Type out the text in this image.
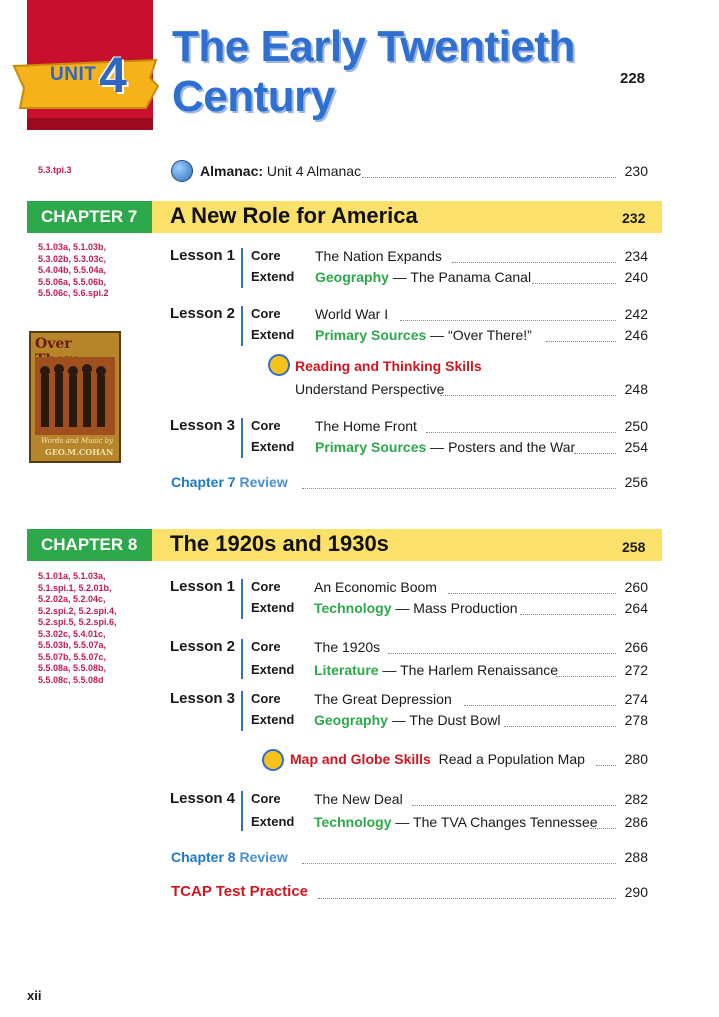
UNIT 4
The Early Twentieth
Century	228
5.3.tpi.3	Almanac: Unit 4 Almanac	230
CHAPTER 7	A New Role for America	232
5.1.03a, 5.1.03b,
5.3.02b, 5.3.03c,
5.4.04b, 5.5.04a,
5.5.06a, 5.5.06b,
5.5.06c, 5.6.spi.2
Over
Words and Music by
GEO.M.COHAN
Lesson 1 Core The Nation Expands	234
Extend Geography — The Panama Canal	240
Lesson 2 Core World War I	242
Extend Primary Sources — “Over There!”	246
Reading and Thinking Skills
Understand Perspective	248
Lesson 3 Core The Home Front	250
Extend Primary Sources — Posters and the War	254
Chapter 7 Review	256
CHAPTER 8	The 1920s and 1930s	258
5.1.01a, 5.1.03a,
5.1.spi.1, 5.2.01b,
5.2.02a, 5.2.04c,
5.2.spi.2, 5.2.spi.4,
5.2.spi.5, 5.2.spi.6,
5.3.02c, 5.4.01c,
5.5.03b, 5.5.07a,
5.5.07b, 5.5.07c,
5.5.08a, 5.5.08b,
5.5.08c, 5.5.08d
Lesson 1 Core An Economic Boom	260
Extend Technology — Mass Production	264
Lesson 2 Core The 1920s	266
Extend Literature — The Harlem Renaissance	272
Lesson 3 Core The Great Depression	274
Extend Geography — The Dust Bowl	278
Map and Globe Skills Read a Population Map	280
Lesson 4 Core The New Deal	282
Extend Technology — The TVA Changes Tennessee	286
Chapter 8 Review	288
TCAP Test Practice	290
xii
